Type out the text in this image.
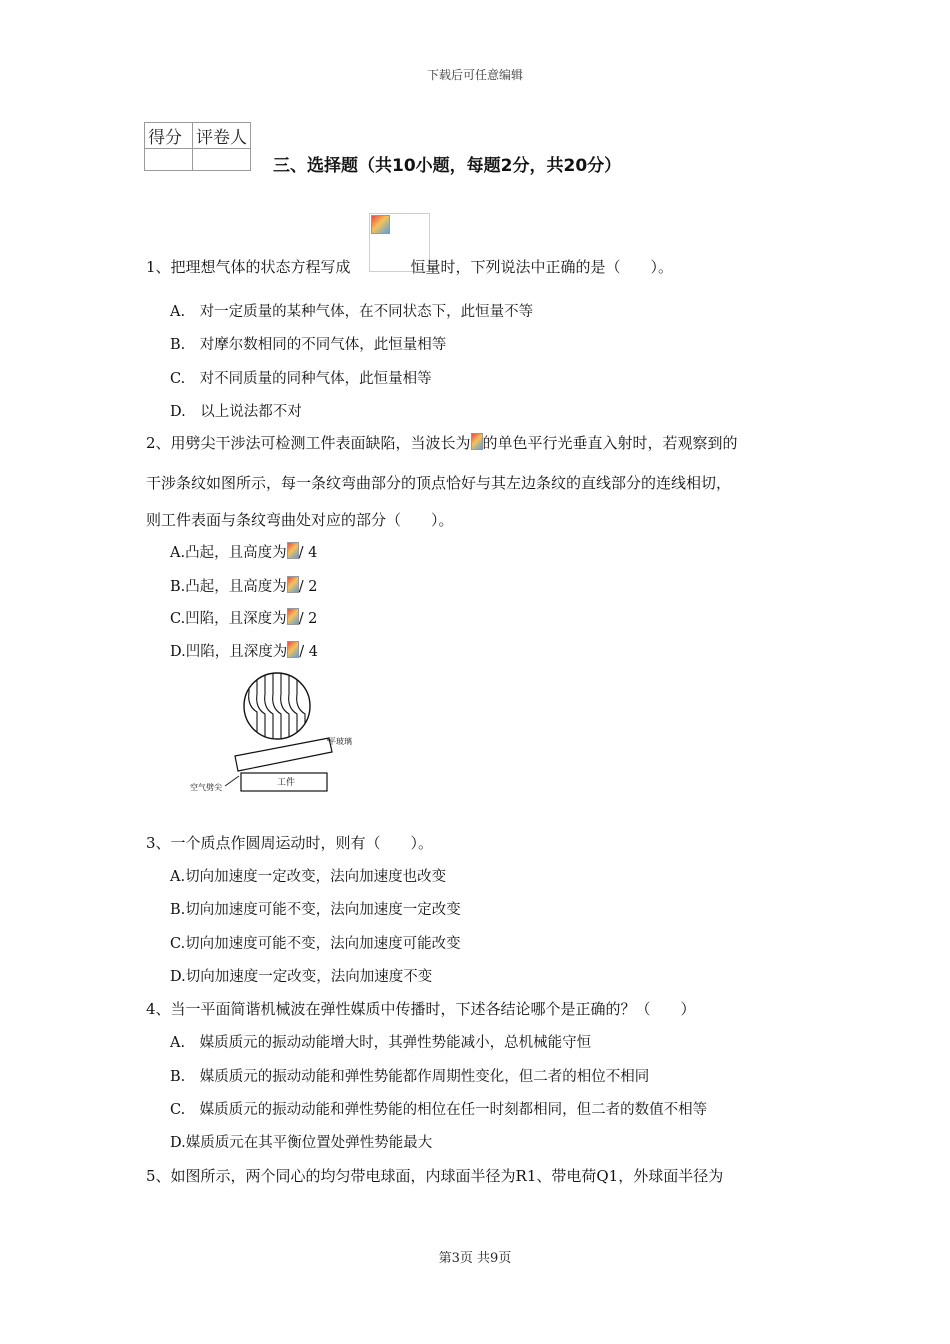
下载后可任意编辑
得分	评卷人

三、选择题（共10小题，每题2分，共20分）
1、把理想气体的状态方程写成	恒量时，下列说法中正确的是（　　）。
A.　对一定质量的某种气体，在不同状态下，此恒量不等
B.　对摩尔数相同的不同气体，此恒量相等
C.　对不同质量的同种气体，此恒量相等
D.　以上说法都不对
2、用劈尖干涉法可检测工件表面缺陷，当波长为 的单色平行光垂直入射时，若观察到的
干涉条纹如图所示，每一条纹弯曲部分的顶点恰好与其左边条纹的直线部分的连线相切，
则工件表面与条纹弯曲处对应的部分（　　）。
A.凸起，且高度为 / 4
B.凸起，且高度为 / 2
C.凹陷，且深度为 / 2
D.凹陷，且深度为 / 4
平玻璃
工件
空气劈尖
3、一个质点作圆周运动时，则有（　　）。
A.切向加速度一定改变，法向加速度也改变
B.切向加速度可能不变，法向加速度一定改变
C.切向加速度可能不变，法向加速度可能改变
D.切向加速度一定改变，法向加速度不变
4、当一平面简谐机械波在弹性媒质中传播时，下述各结论哪个是正确的？（　　）
A.　媒质质元的振动动能增大时，其弹性势能减小，总机械能守恒
B.　媒质质元的振动动能和弹性势能都作周期性变化，但二者的相位不相同
C.　媒质质元的振动动能和弹性势能的相位在任一时刻都相同，但二者的数值不相等
D.媒质质元在其平衡位置处弹性势能最大
5、如图所示，两个同心的均匀带电球面，内球面半径为R1、带电荷Q1，外球面半径为
第3页 共9页
